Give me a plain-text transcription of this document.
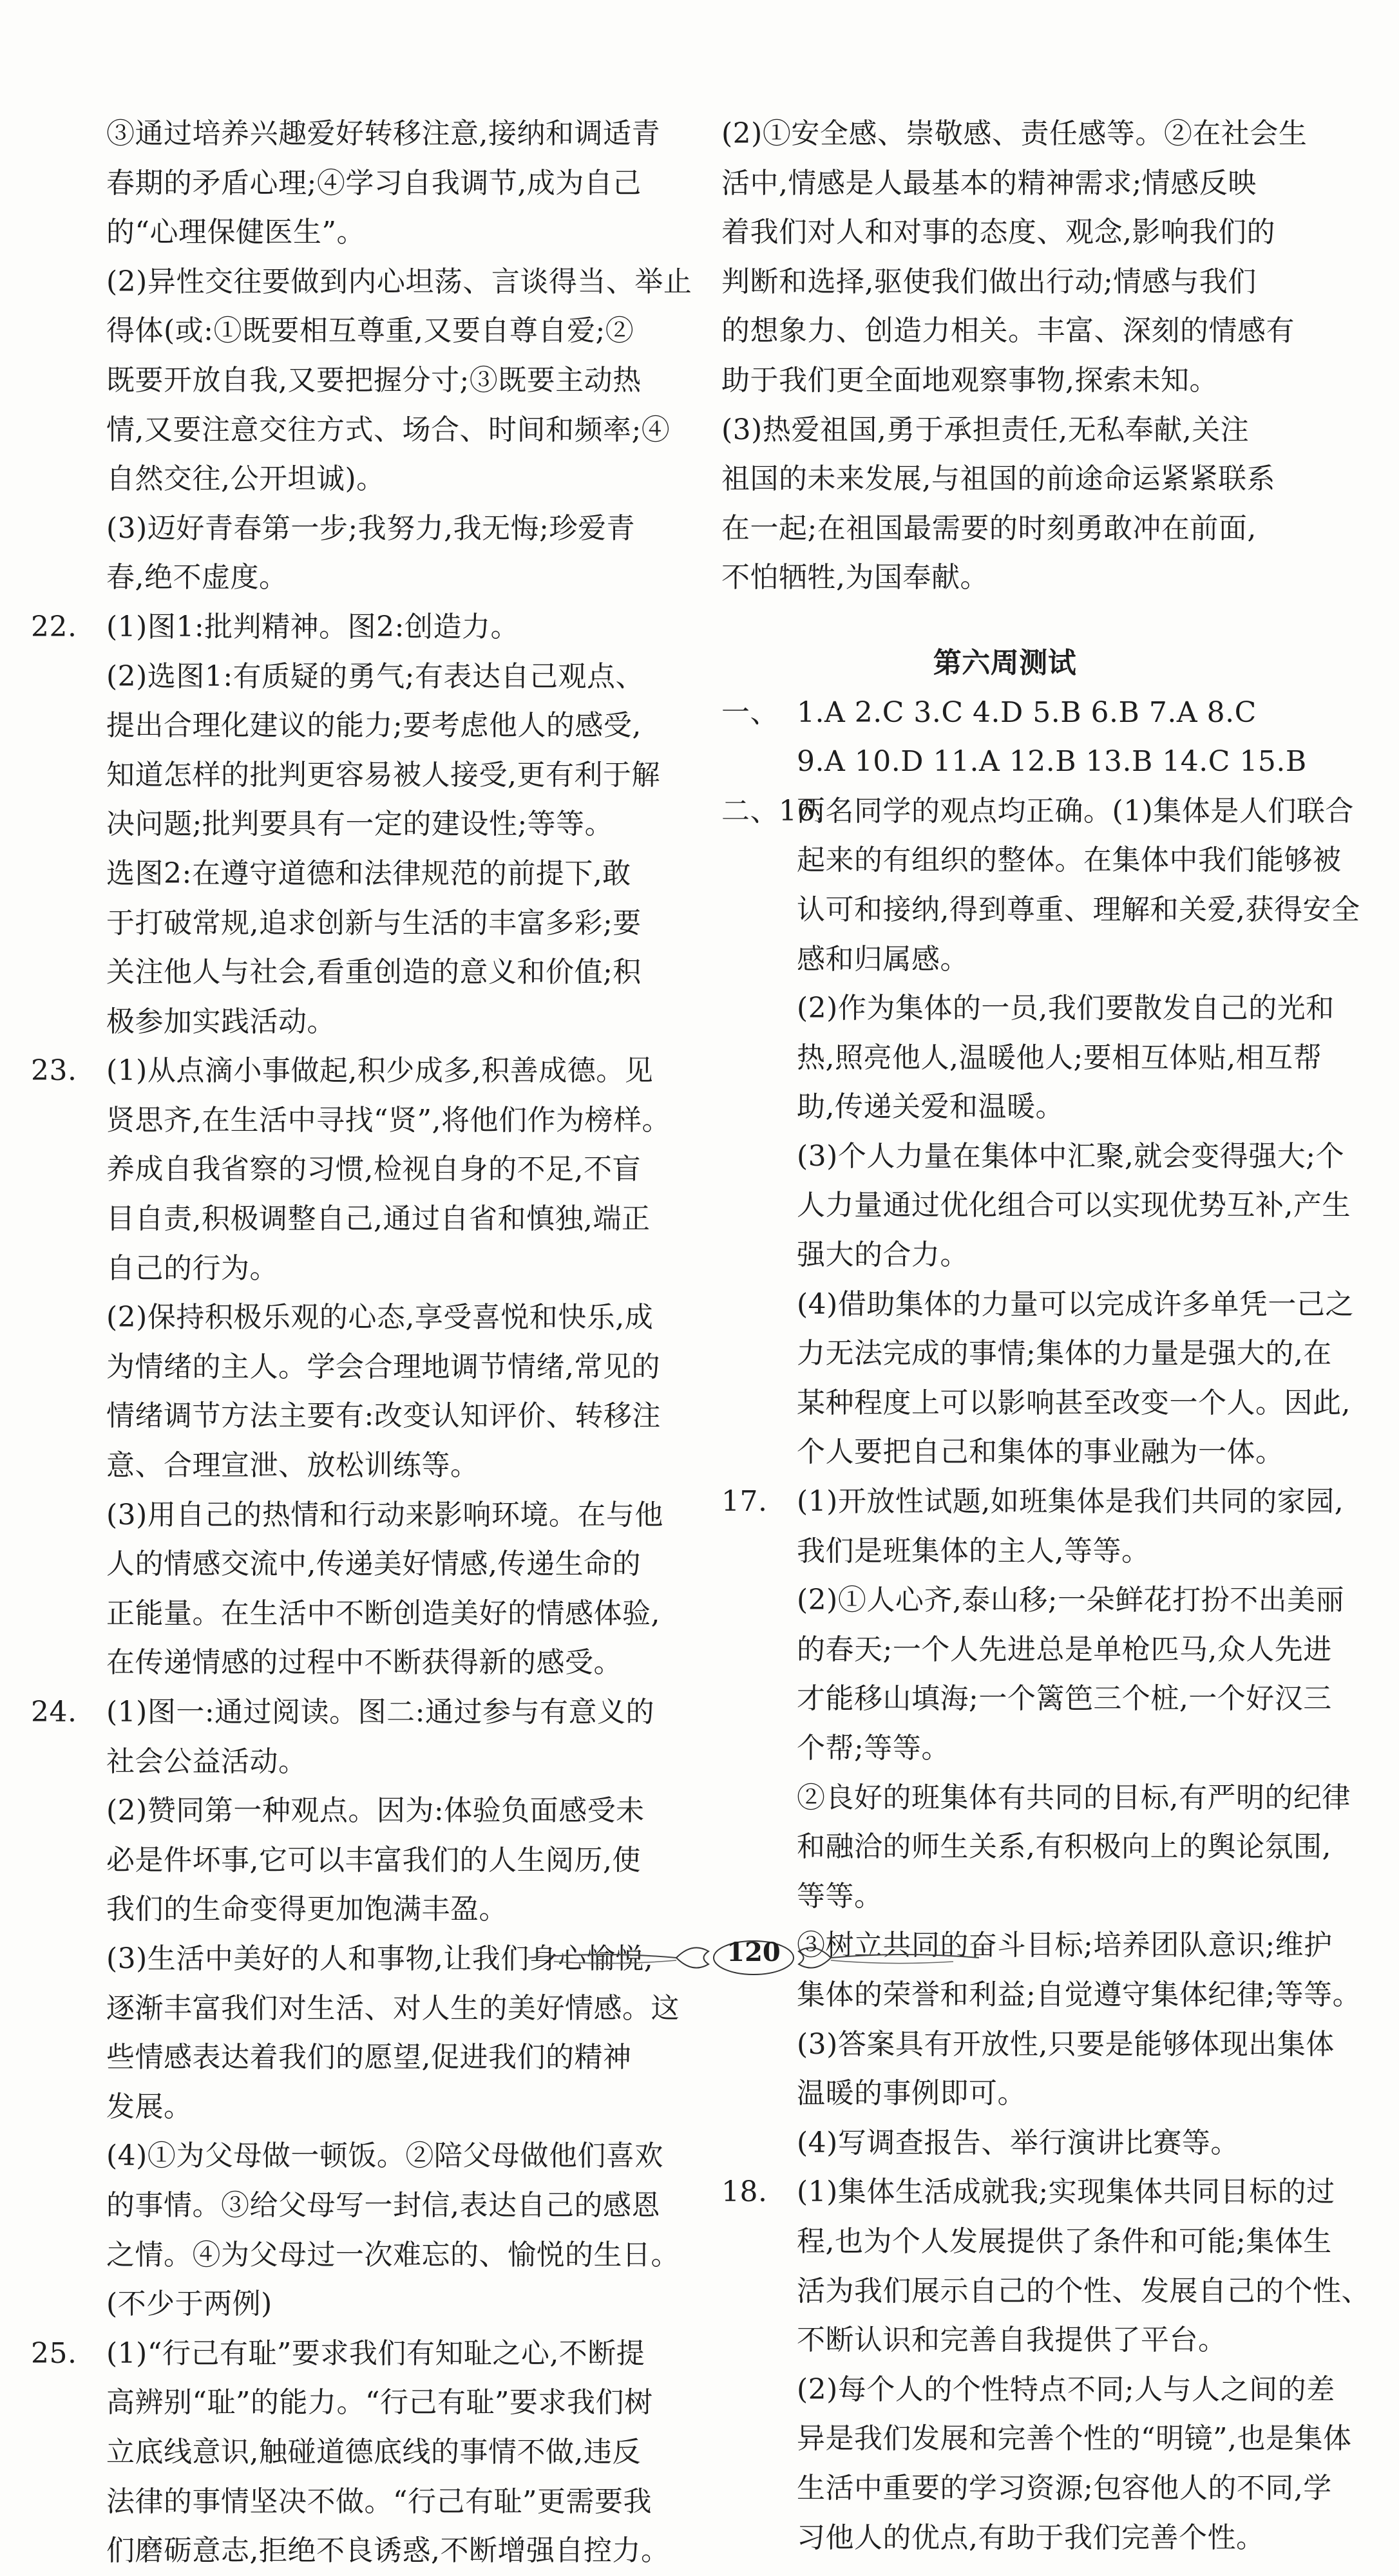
③通过培养兴趣爱好转移注意,接纳和调适青
春期的矛盾心理;④学习自我调节,成为自己
的“心理保健医生”。
(2)异性交往要做到内心坦荡、言谈得当、举止
得体(或:①既要相互尊重,又要自尊自爱;②
既要开放自我,又要把握分寸;③既要主动热
情,又要注意交往方式、场合、时间和频率;④
自然交往,公开坦诚)。
(3)迈好青春第一步;我努力,我无悔;珍爱青
春,绝不虚度。
22. (1)图1:批判精神。图2:创造力。
(2)选图1:有质疑的勇气;有表达自己观点、
提出合理化建议的能力;要考虑他人的感受,
知道怎样的批判更容易被人接受,更有利于解
决问题;批判要具有一定的建设性;等等。
选图2:在遵守道德和法律规范的前提下,敢
于打破常规,追求创新与生活的丰富多彩;要
关注他人与社会,看重创造的意义和价值;积
极参加实践活动。
23. (1)从点滴小事做起,积少成多,积善成德。见
贤思齐,在生活中寻找“贤”,将他们作为榜样。
养成自我省察的习惯,检视自身的不足,不盲
目自责,积极调整自己,通过自省和慎独,端正
自己的行为。
(2)保持积极乐观的心态,享受喜悦和快乐,成
为情绪的主人。学会合理地调节情绪,常见的
情绪调节方法主要有:改变认知评价、转移注
意、合理宣泄、放松训练等。
(3)用自己的热情和行动来影响环境。在与他
人的情感交流中,传递美好情感,传递生命的
正能量。在生活中不断创造美好的情感体验,
在传递情感的过程中不断获得新的感受。
24. (1)图一:通过阅读。图二:通过参与有意义的
社会公益活动。
(2)赞同第一种观点。因为:体验负面感受未
必是件坏事,它可以丰富我们的人生阅历,使
我们的生命变得更加饱满丰盈。
(3)生活中美好的人和事物,让我们身心愉悦,
逐渐丰富我们对生活、对人生的美好情感。这
些情感表达着我们的愿望,促进我们的精神
发展。
(4)①为父母做一顿饭。②陪父母做他们喜欢
的事情。③给父母写一封信,表达自己的感恩
之情。④为父母过一次难忘的、愉悦的生日。
(不少于两例)
25. (1)“行己有耻”要求我们有知耻之心,不断提
高辨别“耻”的能力。“行己有耻”要求我们树
立底线意识,触碰道德底线的事情不做,违反
法律的事情坚决不做。“行己有耻”更需要我
们磨砺意志,拒绝不良诱惑,不断增强自控力。
(2)①安全感、崇敬感、责任感等。②在社会生
活中,情感是人最基本的精神需求;情感反映
着我们对人和对事的态度、观念,影响我们的
判断和选择,驱使我们做出行动;情感与我们
的想象力、创造力相关。丰富、深刻的情感有
助于我们更全面地观察事物,探索未知。
(3)热爱祖国,勇于承担责任,无私奉献,关注
祖国的未来发展,与祖国的前途命运紧紧联系
在一起;在祖国最需要的时刻勇敢冲在前面,
不怕牺牲,为国奉献。
第六周测试
一、 1.A 2.C 3.C 4.D 5.B 6.B 7.A 8.C
9.A 10.D 11.A 12.B 13.B 14.C 15.B
二、16.两名同学的观点均正确。(1)集体是人们联合
起来的有组织的整体。在集体中我们能够被
认可和接纳,得到尊重、理解和关爱,获得安全
感和归属感。
(2)作为集体的一员,我们要散发自己的光和
热,照亮他人,温暖他人;要相互体贴,相互帮
助,传递关爱和温暖。
(3)个人力量在集体中汇聚,就会变得强大;个
人力量通过优化组合可以实现优势互补,产生
强大的合力。
(4)借助集体的力量可以完成许多单凭一己之
力无法完成的事情;集体的力量是强大的,在
某种程度上可以影响甚至改变一个人。因此,
个人要把自己和集体的事业融为一体。
17. (1)开放性试题,如班集体是我们共同的家园,
我们是班集体的主人,等等。
(2)①人心齐,泰山移;一朵鲜花打扮不出美丽
的春天;一个人先进总是单枪匹马,众人先进
才能移山填海;一个篱笆三个桩,一个好汉三
个帮;等等。
②良好的班集体有共同的目标,有严明的纪律
和融洽的师生关系,有积极向上的舆论氛围,
等等。
③树立共同的奋斗目标;培养团队意识;维护
集体的荣誉和利益;自觉遵守集体纪律;等等。
(3)答案具有开放性,只要是能够体现出集体
温暖的事例即可。
(4)写调查报告、举行演讲比赛等。
18. (1)集体生活成就我;实现集体共同目标的过
程,也为个人发展提供了条件和可能;集体生
活为我们展示自己的个性、发展自己的个性、
不断认识和完善自我提供了平台。
(2)每个人的个性特点不同;人与人之间的差
异是我们发展和完善个性的“明镜”,也是集体
生活中重要的学习资源;包容他人的不同,学
习他人的优点,有助于我们完善个性。
120
